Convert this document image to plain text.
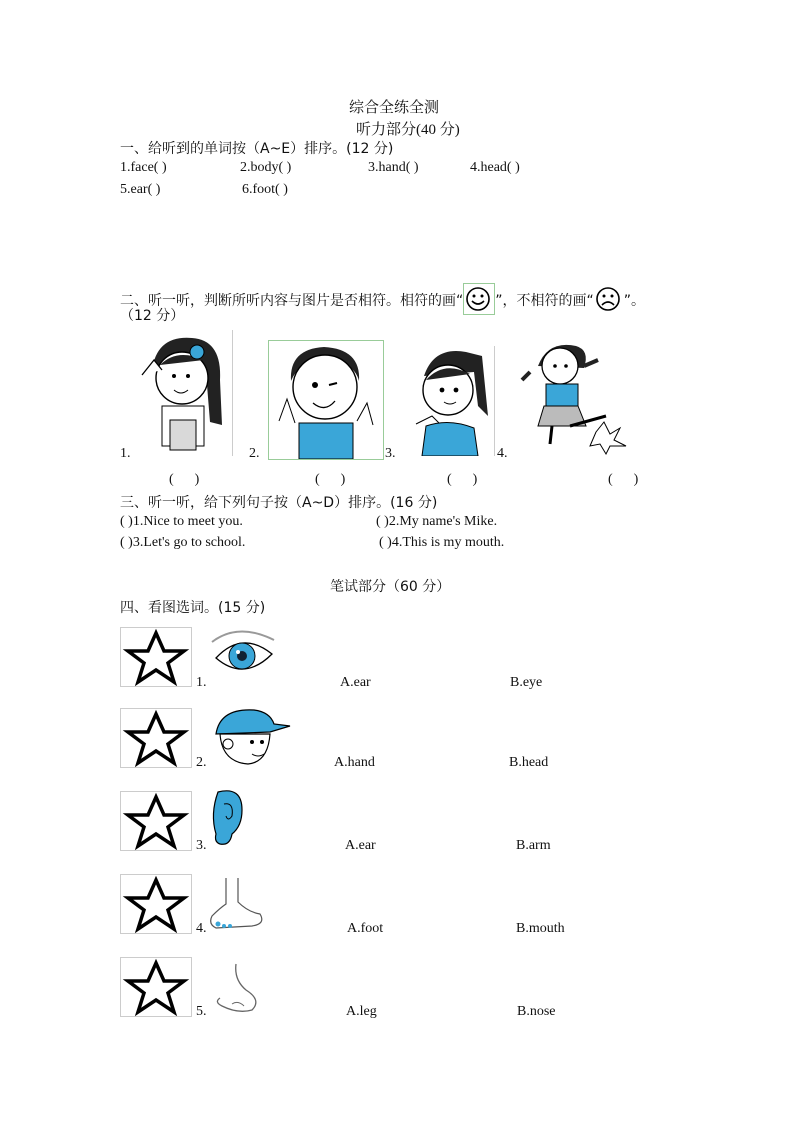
综合全练全测
听力部分(40 分)
一、给听到的单词按（A~E）排序。(12 分)
1.face( )	2.body( )	3.hand( )	4.head( )
5.ear( )	6.foot( )
二、听一听，判断所听内容与图片是否相符。相符的画“ ”，不相符的画“ ”。
（12 分）
1.	2.	3.	4.
(      )	(      )	(      )	(      )
三、听一听，给下列句子按（A~D）排序。(16 分)
( )1.Nice to meet you.	( )2.My name's Mike.
( )3.Let's go to school.	( )4.This is my mouth.
笔试部分（60 分）
四、看图选词。(15 分)
1.	A.ear	B.eye
2.	A.hand	B.head
3.	A.ear	B.arm
4.	A.foot	B.mouth
5.	A.leg	B.nose
